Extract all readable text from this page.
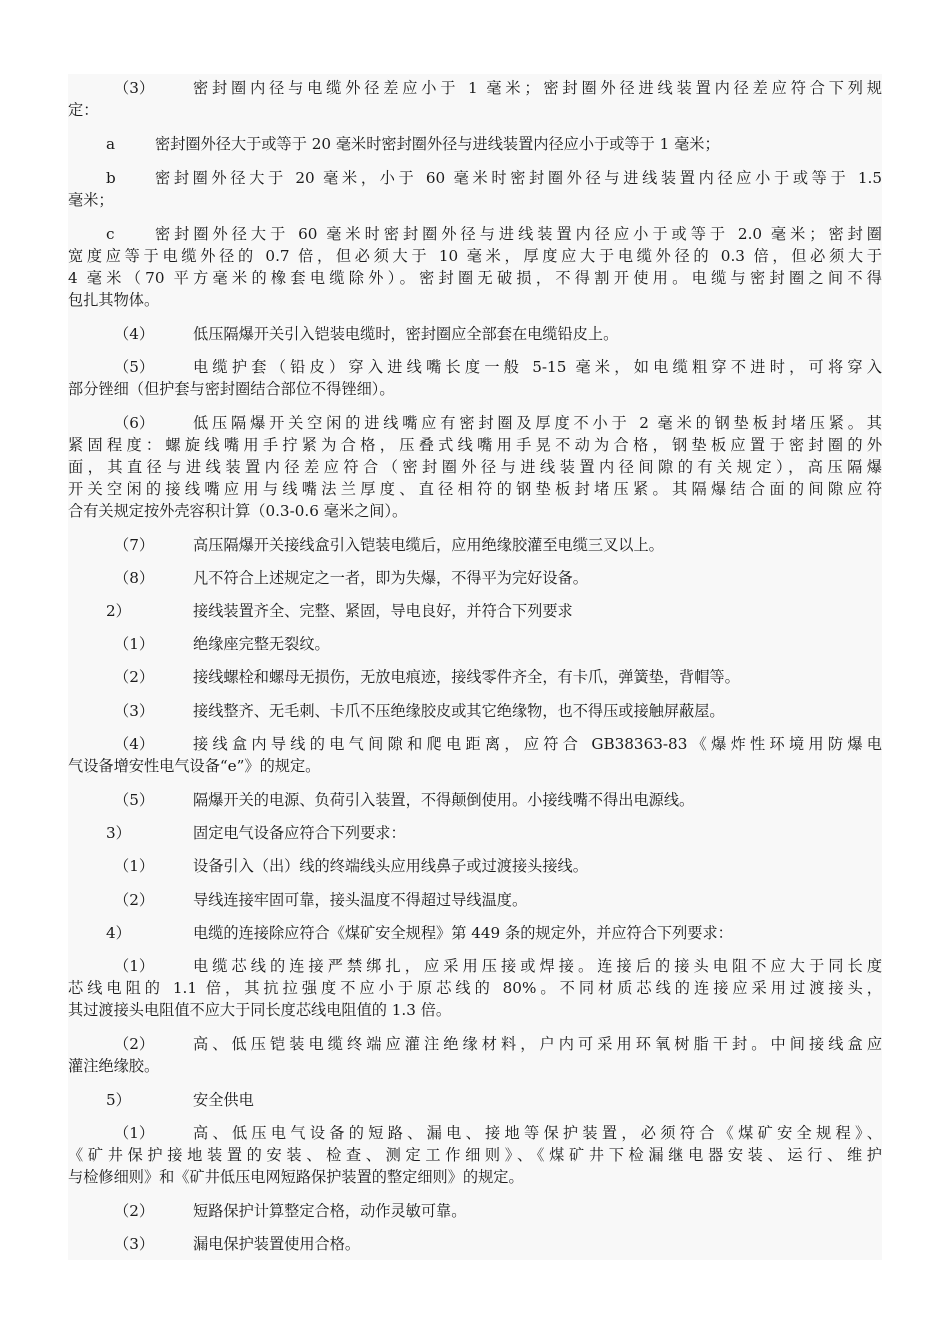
（3）	密封圈内径与电缆外径差应小于 1 毫米；密封圈外径进线装置内径差应符合下列规
定：
a	密封圈外径大于或等于 20 毫米时密封圈外径与进线装置内径应小于或等于 1 毫米；
b	密封圈外径大于 20 毫米，小于 60 毫米时密封圈外径与进线装置内径应小于或等于 1.5
毫米；
c	密封圈外径大于 60 毫米时密封圈外径与进线装置内径应小于或等于 2.0 毫米；密封圈
宽度应等于电缆外径的 0.7 倍，但必须大于 10 毫米，厚度应大于电缆外径的 0.3 倍，但必须大于
4 毫米（70 平方毫米的橡套电缆除外）。密封圈无破损，不得割开使用。电缆与密封圈之间不得
包扎其物体。
（4）	低压隔爆开关引入铠装电缆时，密封圈应全部套在电缆铅皮上。
（5）	电缆护套（铅皮）穿入进线嘴长度一般 5-15 毫米，如电缆粗穿不进时，可将穿入
部分锉细（但护套与密封圈结合部位不得锉细）。
（6）	低压隔爆开关空闲的进线嘴应有密封圈及厚度不小于 2 毫米的钢垫板封堵压紧。其
紧固程度：螺旋线嘴用手拧紧为合格，压叠式线嘴用手晃不动为合格，钢垫板应置于密封圈的外
面，其直径与进线装置内径差应符合（密封圈外径与进线装置内径间隙的有关规定），高压隔爆
开关空闲的接线嘴应用与线嘴法兰厚度、直径相符的钢垫板封堵压紧。其隔爆结合面的间隙应符
合有关规定按外壳容积计算（0.3-0.6 毫米之间）。
（7）	高压隔爆开关接线盒引入铠装电缆后，应用绝缘胶灌至电缆三叉以上。
（8）	凡不符合上述规定之一者，即为失爆，不得平为完好设备。
2）	接线装置齐全、完整、紧固，导电良好，并符合下列要求
（1）	绝缘座完整无裂纹。
（2）	接线螺栓和螺母无损伤，无放电痕迹，接线零件齐全，有卡爪，弹簧垫，背帽等。
（3）	接线整齐、无毛刺、卡爪不压绝缘胶皮或其它绝缘物，也不得压或接触屏蔽屋。
（4）	接线盒内导线的电气间隙和爬电距离，应符合 GB38363-83《爆炸性环境用防爆电
气设备增安性电气设备“e”》的规定。
（5）	隔爆开关的电源、负荷引入装置，不得颠倒使用。小接线嘴不得出电源线。
3）	固定电气设备应符合下列要求：
（1）	设备引入（出）线的终端线头应用线鼻子或过渡接头接线。
（2）	导线连接牢固可靠，接头温度不得超过导线温度。
4）	电缆的连接除应符合《煤矿安全规程》第 449 条的规定外，并应符合下列要求：
（1）	电缆芯线的连接严禁绑扎，应采用压接或焊接。连接后的接头电阻不应大于同长度
芯线电阻的 1.1 倍，其抗拉强度不应小于原芯线的 80%。不同材质芯线的连接应采用过渡接头，
其过渡接头电阻值不应大于同长度芯线电阻值的 1.3 倍。
（2）	高、低压铠装电缆终端应灌注绝缘材料，户内可采用环氧树脂干封。中间接线盒应
灌注绝缘胶。
5）	安全供电
（1）	高、低压电气设备的短路、漏电、接地等保护装置，必须符合《煤矿安全规程》、
《矿井保护接地装置的安装、检查、测定工作细则》、《煤矿井下检漏继电器安装、运行、维护
与检修细则》和《矿井低压电网短路保护装置的整定细则》的规定。
（2）	短路保护计算整定合格，动作灵敏可靠。
（3）	漏电保护装置使用合格。
